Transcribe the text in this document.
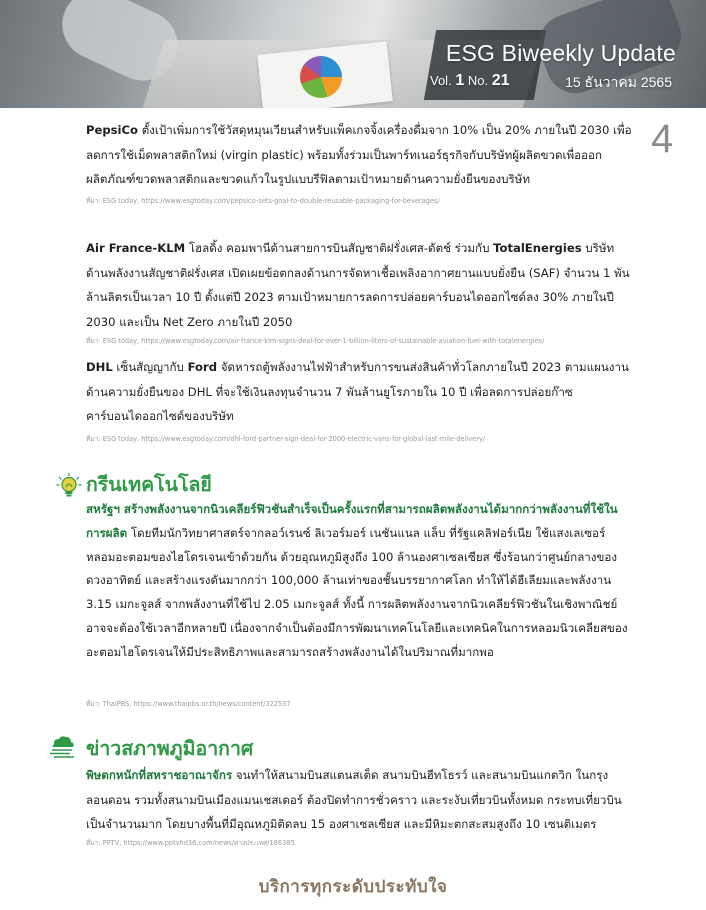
ESG Biweekly Update
Vol. 1 No. 21	15 ธันวาคม 2565
4
PepsiCo ตั้งเป้าเพิ่มการใช้วัสดุหมุนเวียนสำหรับแพ็คเกจจิ้งเครื่องดื่มจาก 10% เป็น 20% ภายในปี 2030 เพื่อลดการใช้เม็ดพลาสติกใหม่ (virgin plastic) พร้อมทั้งร่วมเป็นพาร์ทเนอร์ธุรกิจกับบริษัทผู้ผลิตขวดเพื่อออกผลิตภัณฑ์ขวดพลาสติกและขวดแก้วในรูปแบบรีฟิลตามเป้าหมายด้านความยั่งยืนของบริษัท
ที่มา: ESG today, https://www.esgtoday.com/pepsico-sets-goal-to-double-reusable-packaging-for-beverages/
Air France-KLM โฮลดิ้ง คอมพานีด้านสายการบินสัญชาติฝรั่งเศส-ดัตช์ ร่วมกับ TotalEnergies บริษัทด้านพลังงานสัญชาติฝรั่งเศส เปิดเผยข้อตกลงด้านการจัดหาเชื้อเพลิงอากาศยานแบบยั่งยืน (SAF) จำนวน 1 พันล้านลิตรเป็นเวลา 10 ปี ตั้งแต่ปี 2023 ตามเป้าหมายการลดการปล่อยคาร์บอนไดออกไซด์ลง 30% ภายในปี 2030 และเป็น Net Zero ภายในปี 2050
ที่มา: ESG today, https://www.esgtoday.com/air-france-klm-signs-deal-for-over-1-billion-liters-of-sustainable-aviation-fuel-with-totalenergies/
DHL เซ็นสัญญากับ Ford จัดหารถตู้พลังงานไฟฟ้าสำหรับการขนส่งสินค้าทั่วโลกภายในปี 2023 ตามแผนงานด้านความยั่งยืนของ DHL ที่จะใช้เงินลงทุนจำนวน 7 พันล้านยูโรภายใน 10 ปี เพื่อลดการปล่อยก๊าซคาร์บอนไดออกไซด์ของบริษัท
ที่มา: ESG today, https://www.esgtoday.com/dhl-ford-partner-sign-deal-for-2000-electric-vans-for-global-last-mile-delivery/
กรีนเทคโนโลยี
สหรัฐฯ สร้างพลังงานจากนิวเคลียร์ฟิวชันสำเร็จเป็นครั้งแรกที่สามารถผลิตพลังงานได้มากกว่าพลังงานที่ใช้ในการผลิต โดยทีมนักวิทยาศาสตร์จากลอว์เรนซ์ ลิเวอร์มอร์ เนชันแนล แล็บ ที่รัฐแคลิฟอร์เนีย ใช้แสงเลเซอร์ หลอมอะตอมของไฮโดรเจนเข้าด้วยกัน ด้วยอุณหภูมิสูงถึง 100 ล้านองศาเซลเซียส ซึ่งร้อนกว่าศูนย์กลางของดวงอาทิตย์ และสร้างแรงดันมากกว่า 100,000 ล้านเท่าของชั้นบรรยากาศโลก ทำให้ได้ฮีเลียมและพลังงาน 3.15 เมกะจูลส์ จากพลังงานที่ใช้ไป 2.05 เมกะจูลส์ ทั้งนี้ การผลิตพลังงานจากนิวเคลียร์ฟิวชันในเชิงพาณิชย์อาจจะต้องใช้เวลาอีกหลายปี เนื่องจากจำเป็นต้องมีการพัฒนาเทคโนโลยีและเทคนิคในการหลอมนิวเคลียสของอะตอมไฮโดรเจนให้มีประสิทธิภาพและสามารถสร้างพลังงานได้ในปริมาณที่มากพอ
ที่มา: ThaiPBS, https://www.thaipbs.or.th/news/content/322537
ข่าวสภาพภูมิอากาศ
พิษตกหนักที่สหราชอาณาจักร จนทำให้สนามบินสแตนสเต็ด สนามบินฮีทโธรว์ และสนามบินแกตวิก ในกรุงลอนดอน รวมทั้งสนามบินเมืองแมนเชสเตอร์ ต้องปิดทำการชั่วคราว และระงับเที่ยวบินทั้งหมด กระทบเที่ยวบินเป็นจำนวนมาก โดยบางพื้นที่มีอุณหภูมิติดลบ 15 องศาเซลเซียส และมีหิมะตกสะสมสูงถึง 10 เซนติเมตร
ที่มา: PPTV, https://www.pptvhd36.com/news/ต่างประเทศ/186385
บริการทุกระดับประทับใจ
